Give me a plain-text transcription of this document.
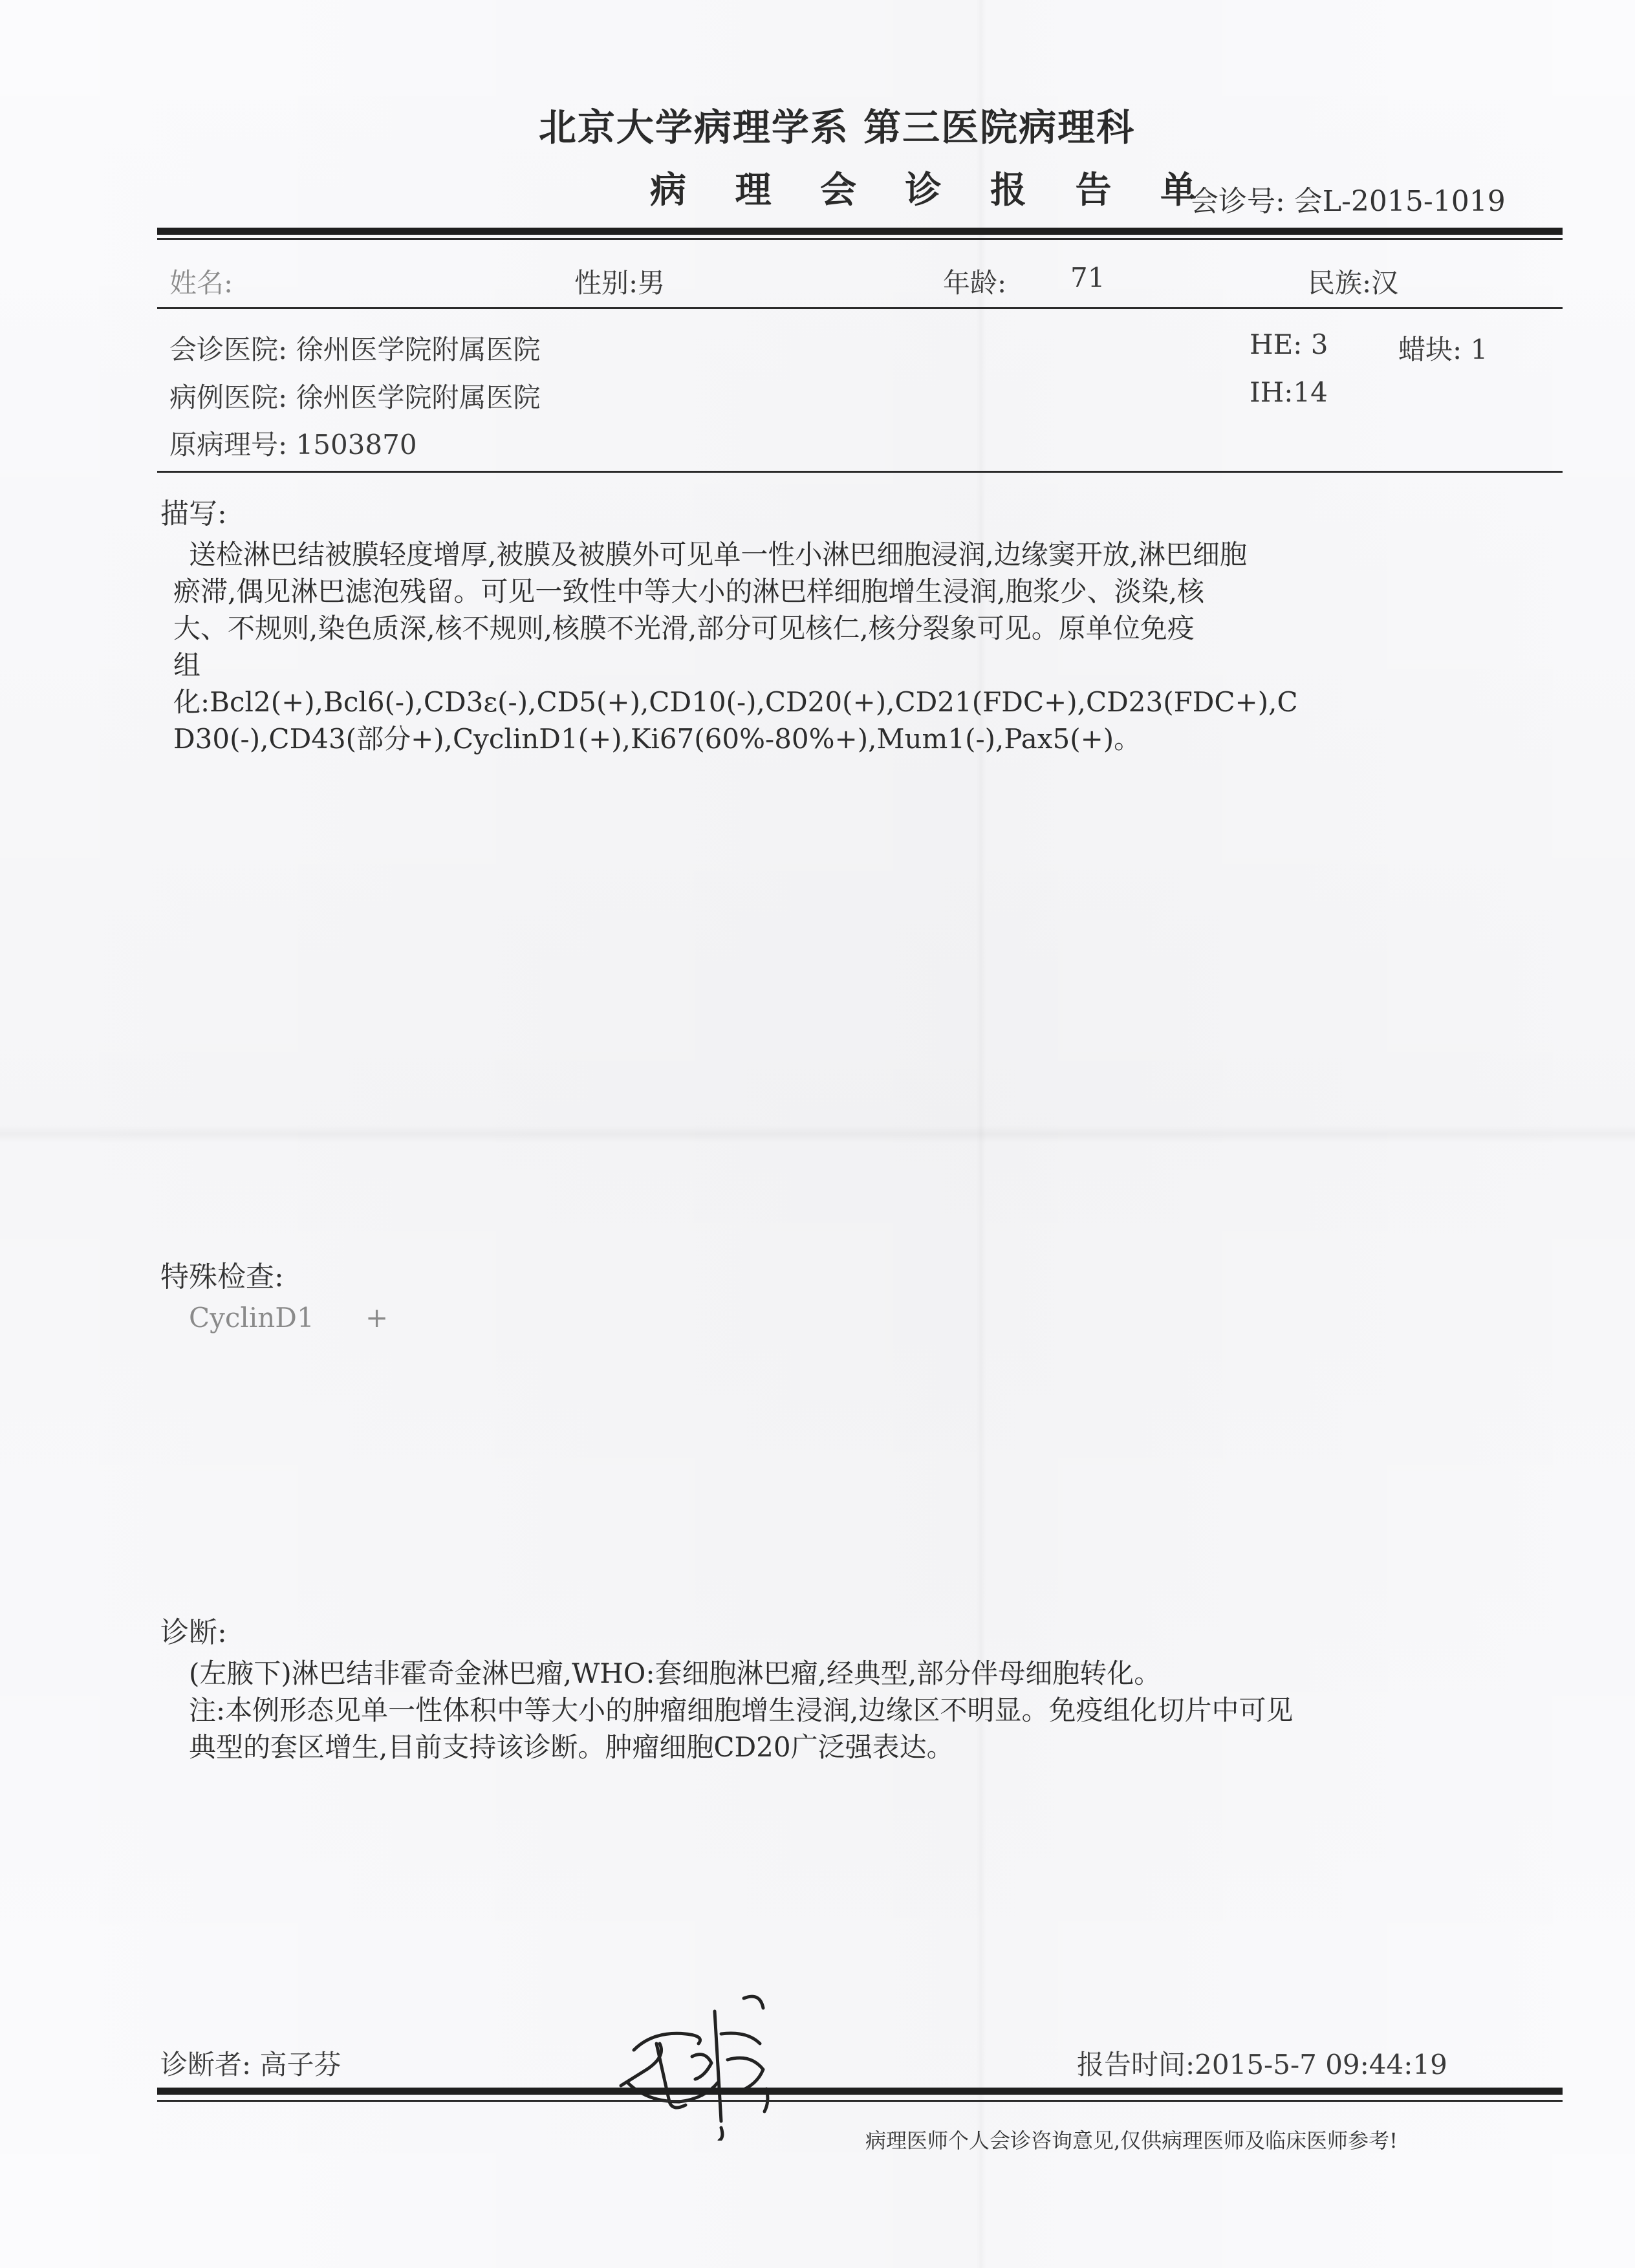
北京大学病理学系 第三医院病理科
病 理 会 诊 报 告 单
会诊号: 会L-2015-1019
姓名:	性别:男	年龄: 71	民族:汉
会诊医院: 徐州医学院附属医院
病例医院: 徐州医学院附属医院
原病理号: 1503870
HE: 3	蜡块: 1
IH:14
描写:
送检淋巴结被膜轻度增厚,被膜及被膜外可见单一性小淋巴细胞浸润,边缘窦开放,淋巴细胞
瘀滞,偶见淋巴滤泡残留。可见一致性中等大小的淋巴样细胞增生浸润,胞浆少、淡染,核
大、不规则,染色质深,核不规则,核膜不光滑,部分可见核仁,核分裂象可见。原单位免疫
组
化:Bcl2(+),Bcl6(-),CD3ε(-),CD5(+),CD10(-),CD20(+),CD21(FDC+),CD23(FDC+),C
D30(-),CD43(部分+),CyclinD1(+),Ki67(60%-80%+),Mum1(-),Pax5(+)。
特殊检查:
CyclinD1 +
诊断:
(左腋下)淋巴结非霍奇金淋巴瘤,WHO:套细胞淋巴瘤,经典型,部分伴母细胞转化。
注:本例形态见单一性体积中等大小的肿瘤细胞增生浸润,边缘区不明显。免疫组化切片中可见
典型的套区增生,目前支持该诊断。肿瘤细胞CD20广泛强表达。
诊断者: 高子芬	报告时间:2015-5-7 09:44:19
病理医师个人会诊咨询意见,仅供病理医师及临床医师参考!
